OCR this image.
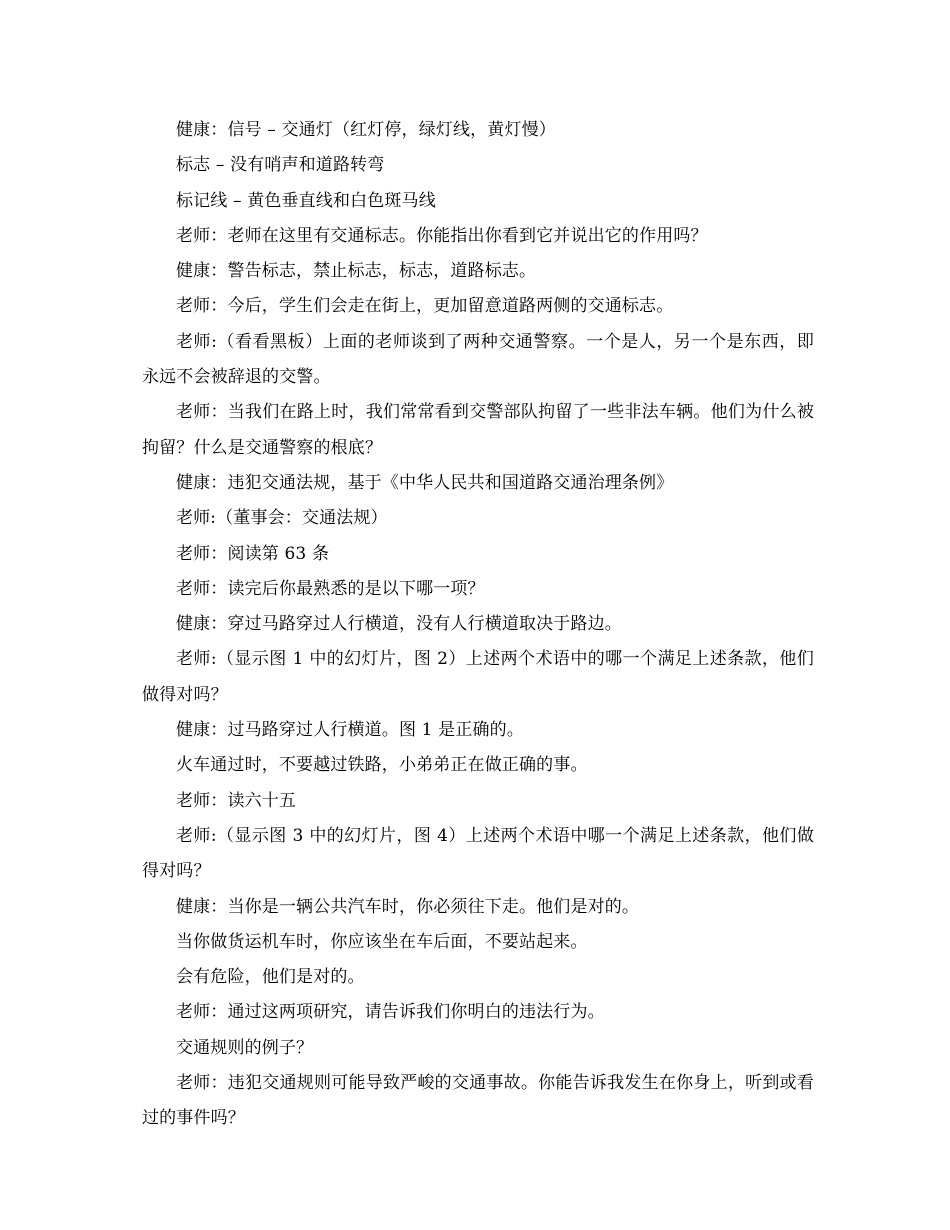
健康：信号 – 交通灯（红灯停，绿灯线，黄灯慢）

标志 – 没有哨声和道路转弯

标记线 – 黄色垂直线和白色斑马线

老师：老师在这里有交通标志。你能指出你看到它并说出它的作用吗？

健康：警告标志，禁止标志，标志，道路标志。

老师：今后，学生们会走在街上，更加留意道路两侧的交通标志。

老师:（看看黑板）上面的老师谈到了两种交通警察。一个是人，另一个是东西，即永远不会被辞退的交警。

老师：当我们在路上时，我们常常看到交警部队拘留了一些非法车辆。他们为什么被拘留？什么是交通警察的根底？

健康：违犯交通法规，基于《中华人民共和国道路交通治理条例》

老师:（董事会：交通法规）

老师：阅读第 63 条

老师：读完后你最熟悉的是以下哪一项？

健康：穿过马路穿过人行横道，没有人行横道取决于路边。

老师:（显示图 1 中的幻灯片，图 2）上述两个术语中的哪一个满足上述条款，他们做得对吗？

健康：过马路穿过人行横道。图 1 是正确的。

火车通过时，不要越过铁路，小弟弟正在做正确的事。

老师：读六十五

老师:（显示图 3 中的幻灯片，图 4）上述两个术语中哪一个满足上述条款，他们做得对吗？

健康：当你是一辆公共汽车时，你必须往下走。他们是对的。

当你做货运机车时，你应该坐在车后面，不要站起来。

会有危险，他们是对的。

老师：通过这两项研究，请告诉我们你明白的违法行为。

交通规则的例子？

老师：违犯交通规则可能导致严峻的交通事故。你能告诉我发生在你身上，听到或看过的事件吗？
